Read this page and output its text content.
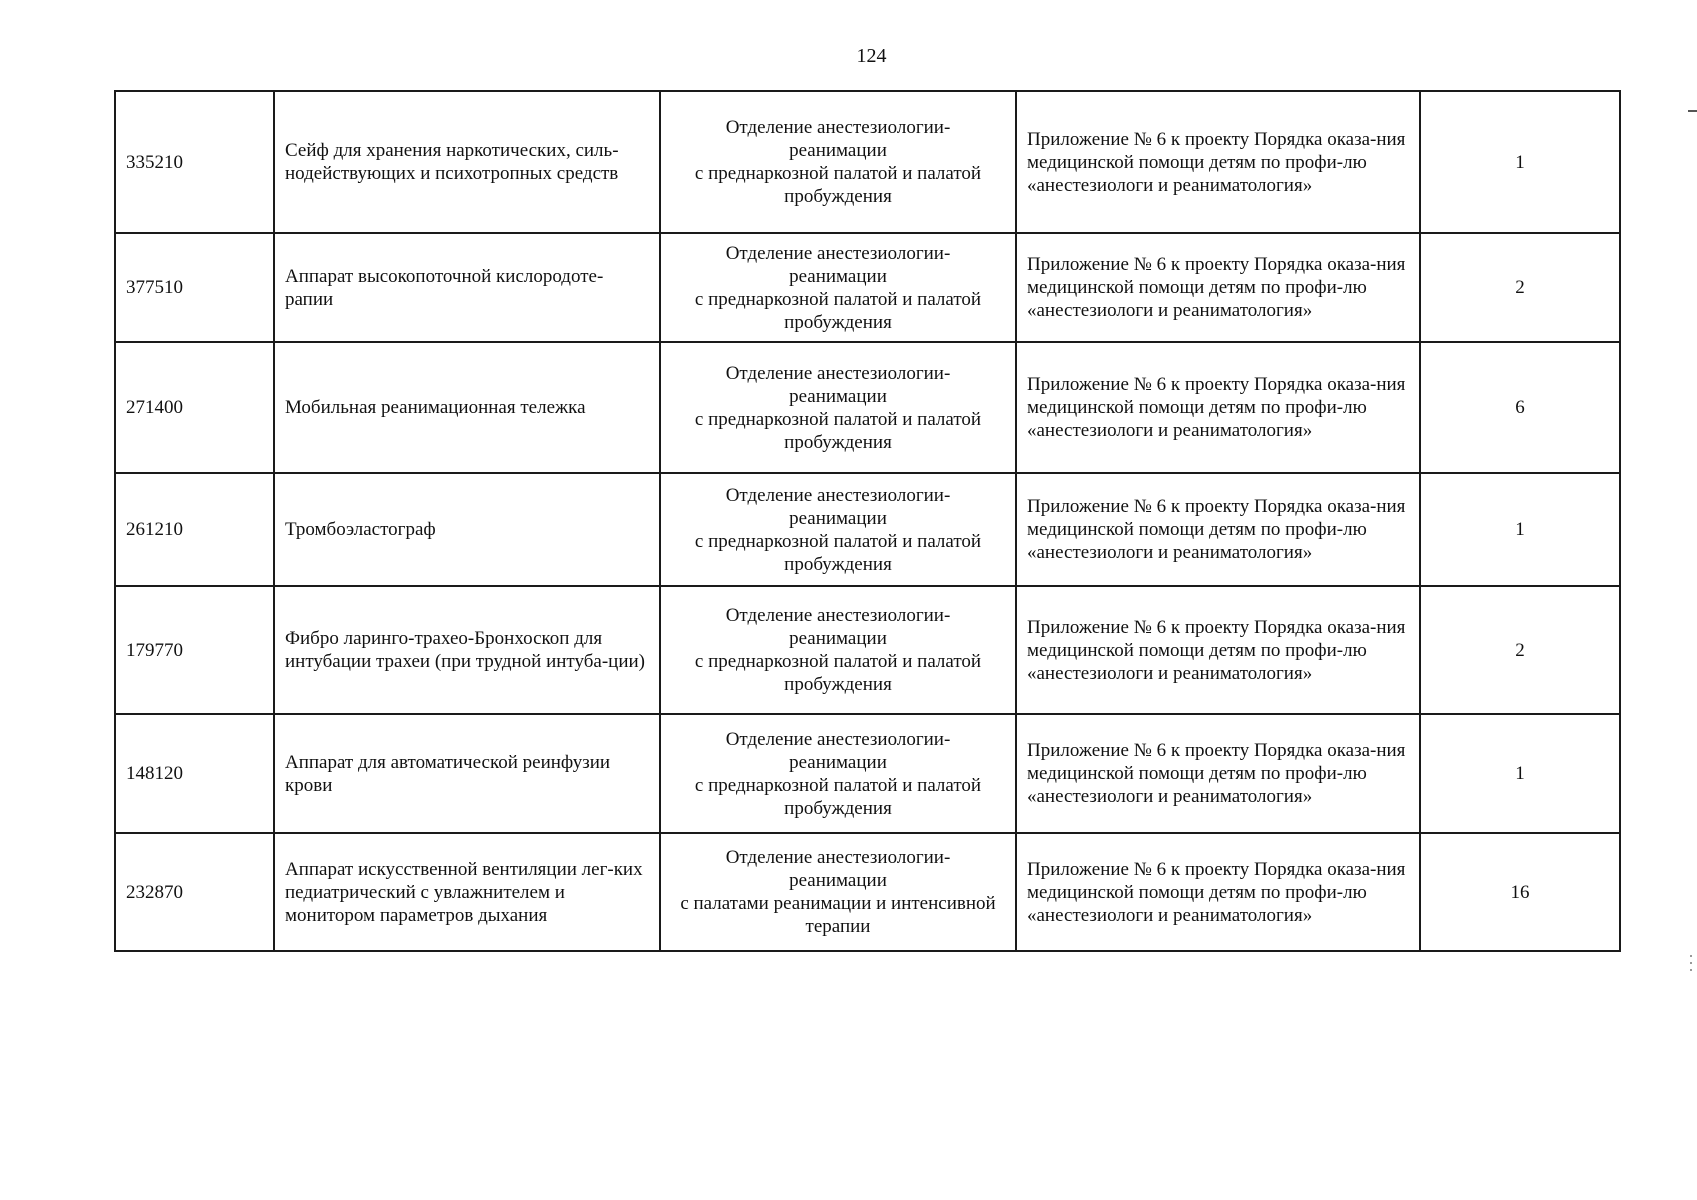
124
335210	Сейф для хранения наркотических, силь-нодействующих и психотропных средств	Отделение анестезиологии-
реанимации
с преднаркозной палатой и палатой
пробуждения	Приложение № 6 к проекту Порядка оказа-ния медицинской помощи детям по профи-лю «анестезиологи и реаниматология»	1
377510	Аппарат высокопоточной кислородоте-рапии	Отделение анестезиологии-
реанимации
с преднаркозной палатой и палатой
пробуждения	Приложение № 6 к проекту Порядка оказа-ния медицинской помощи детям по профи-лю «анестезиологи и реаниматология»	2
271400	Мобильная реанимационная тележка	Отделение анестезиологии-
реанимации
с преднаркозной палатой и палатой
пробуждения	Приложение № 6 к проекту Порядка оказа-ния медицинской помощи детям по профи-лю «анестезиологи и реаниматология»	6
261210	Тромбоэластограф	Отделение анестезиологии-
реанимации
с преднаркозной палатой и палатой
пробуждения	Приложение № 6 к проекту Порядка оказа-ния медицинской помощи детям по профи-лю «анестезиологи и реаниматология»	1
179770	Фибро ларинго-трахео-Бронхоскоп для интубации трахеи (при трудной интуба-ции)	Отделение анестезиологии-
реанимации
с преднаркозной палатой и палатой
пробуждения	Приложение № 6 к проекту Порядка оказа-ния медицинской помощи детям по профи-лю «анестезиологи и реаниматология»	2
148120	Аппарат для автоматической реинфузии крови	Отделение анестезиологии-
реанимации
с преднаркозной палатой и палатой
пробуждения	Приложение № 6 к проекту Порядка оказа-ния медицинской помощи детям по профи-лю «анестезиологи и реаниматология»	1
232870	Аппарат искусственной вентиляции лег-ких педиатрический с увлажнителем и монитором параметров дыхания	Отделение анестезиологии-
реанимации
с палатами реанимации и интенсивной
терапии	Приложение № 6 к проекту Порядка оказа-ния медицинской помощи детям по профи-лю «анестезиологи и реаниматология»	16
